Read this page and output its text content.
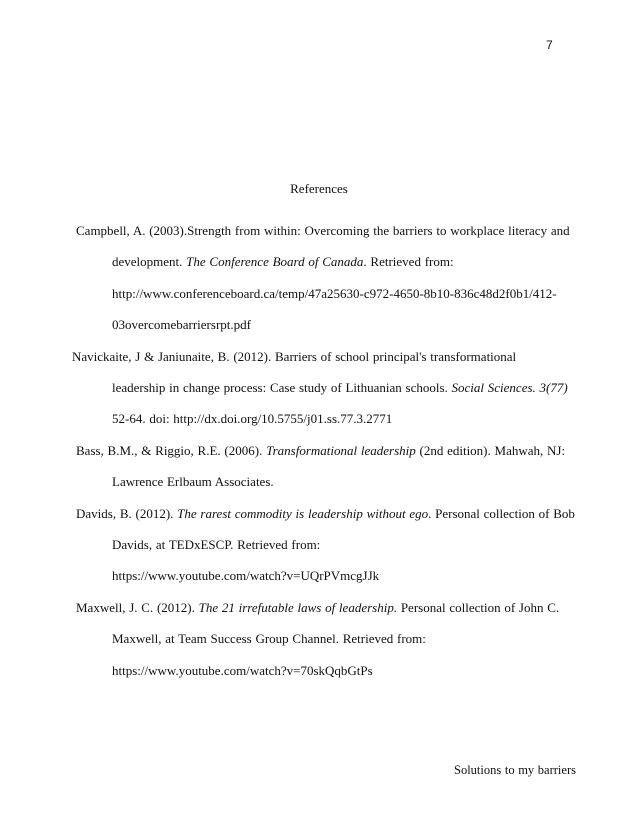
7
References
Campbell, A. (2003).Strength from within: Overcoming the barriers to workplace literacy and
development. The Conference Board of Canada. Retrieved from:
http://www.conferenceboard.ca/temp/47a25630-c972-4650-8b10-836c48d2f0b1/412-
03overcomebarriersrpt.pdf
Navickaite, J & Janiunaite, B. (2012). Barriers of school principal's transformational
leadership in change process: Case study of Lithuanian schools. Social Sciences. 3(77)
52-64. doi: http://dx.doi.org/10.5755/j01.ss.77.3.2771
Bass, B.M., & Riggio, R.E. (2006). Transformational leadership (2nd edition). Mahwah, NJ:
Lawrence Erlbaum Associates.
Davids, B. (2012). The rarest commodity is leadership without ego. Personal collection of Bob
Davids, at TEDxESCP. Retrieved from:
https://www.youtube.com/watch?v=UQrPVmcgJJk
Maxwell, J. C. (2012). The 21 irrefutable laws of leadership. Personal collection of John C.
Maxwell, at Team Success Group Channel. Retrieved from:
https://www.youtube.com/watch?v=70skQqbGtPs
Solutions to my barriers
